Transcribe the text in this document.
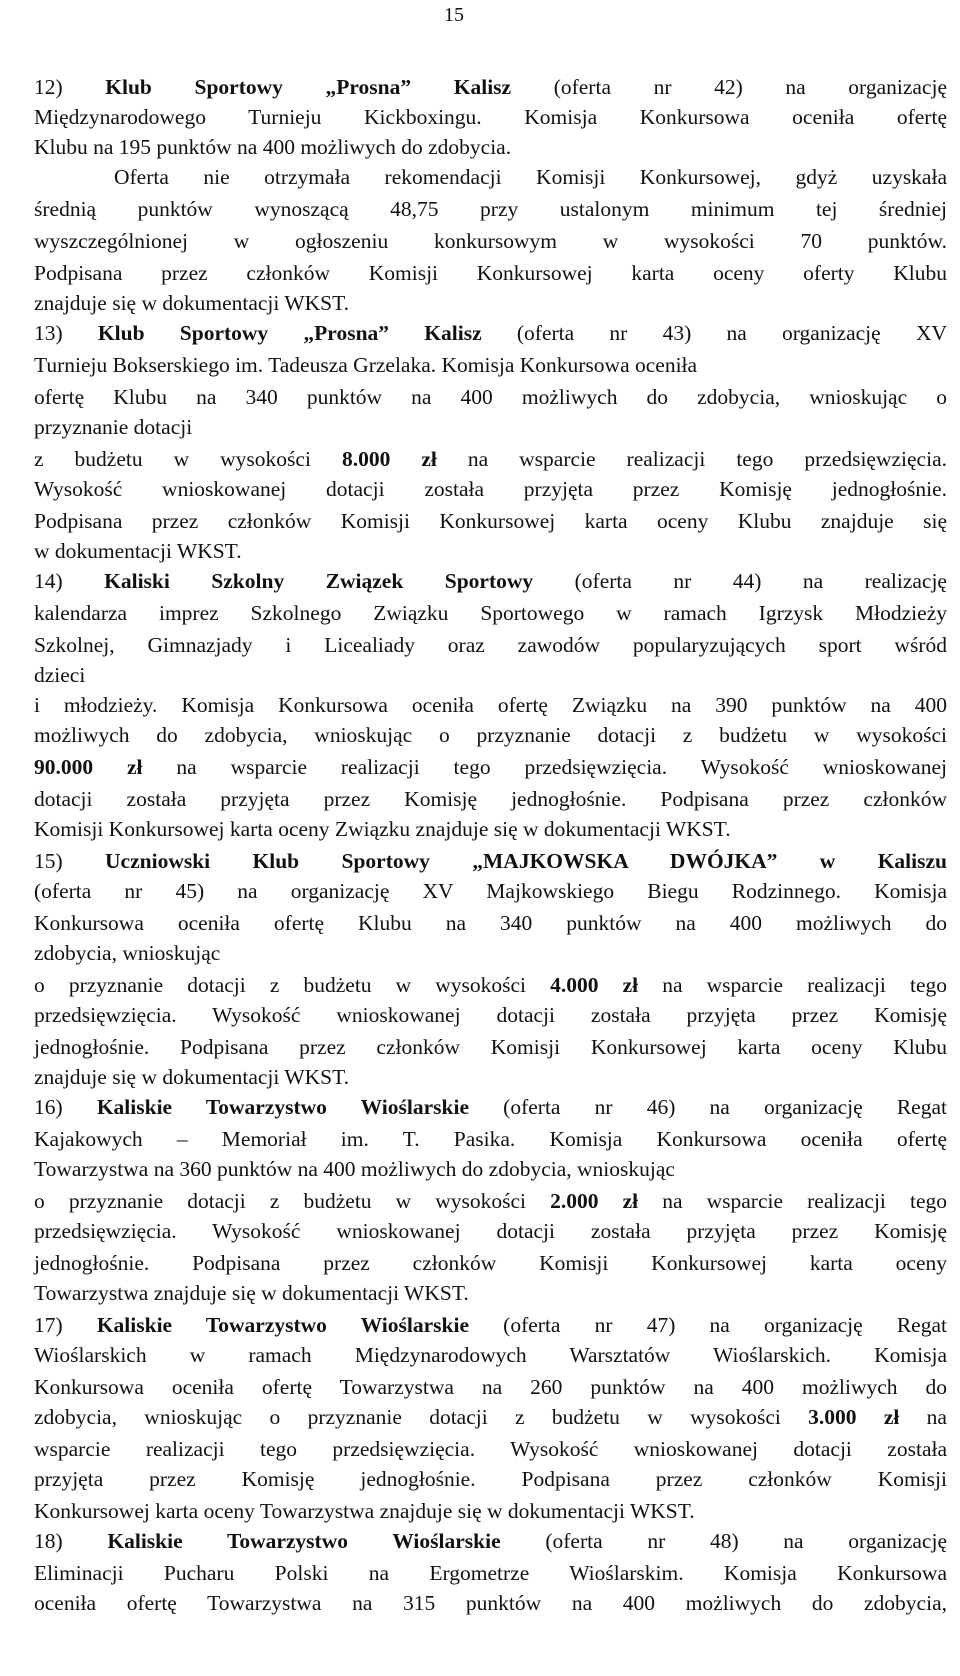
15
12) Klub Sportowy „Prosna” Kalisz (oferta nr 42) na organizację
Międzynarodowego Turnieju Kickboxingu. Komisja Konkursowa oceniła ofertę
Klubu na 195 punktów na 400 możliwych do zdobycia.
Oferta nie otrzymała rekomendacji Komisji Konkursowej, gdyż uzyskała
średnią punktów wynoszącą 48,75 przy ustalonym minimum tej średniej
wyszczególnionej w ogłoszeniu konkursowym w wysokości 70 punktów.
Podpisana przez członków Komisji Konkursowej karta oceny oferty Klubu
znajduje się w dokumentacji WKST.
13) Klub Sportowy „Prosna” Kalisz (oferta nr 43) na organizację XV
Turnieju Bokserskiego im. Tadeusza Grzelaka. Komisja Konkursowa oceniła
ofertę Klubu na 340 punktów na 400 możliwych do zdobycia, wnioskując o
przyznanie dotacji
z budżetu w wysokości 8.000 zł na wsparcie realizacji tego przedsięwzięcia.
Wysokość wnioskowanej dotacji została przyjęta przez Komisję jednogłośnie.
Podpisana przez członków Komisji Konkursowej karta oceny Klubu znajduje się
w dokumentacji WKST.
14) Kaliski Szkolny Związek Sportowy (oferta nr 44) na realizację
kalendarza imprez Szkolnego Związku Sportowego w ramach Igrzysk Młodzieży
Szkolnej, Gimnazjady i Licealiady oraz zawodów popularyzujących sport wśród
dzieci
i młodzieży. Komisja Konkursowa oceniła ofertę Związku na 390 punktów na 400
możliwych do zdobycia, wnioskując o przyznanie dotacji z budżetu w wysokości
90.000 zł na wsparcie realizacji tego przedsięwzięcia. Wysokość wnioskowanej
dotacji została przyjęta przez Komisję jednogłośnie. Podpisana przez członków
Komisji Konkursowej karta oceny Związku znajduje się w dokumentacji WKST.
15) Uczniowski Klub Sportowy „MAJKOWSKA DWÓJKA” w Kaliszu
(oferta nr 45) na organizację XV Majkowskiego Biegu Rodzinnego. Komisja
Konkursowa oceniła ofertę Klubu na 340 punktów na 400 możliwych do
zdobycia, wnioskując
o przyznanie dotacji z budżetu w wysokości 4.000 zł na wsparcie realizacji tego
przedsięwzięcia. Wysokość wnioskowanej dotacji została przyjęta przez Komisję
jednogłośnie. Podpisana przez członków Komisji Konkursowej karta oceny Klubu
znajduje się w dokumentacji WKST.
16) Kaliskie Towarzystwo Wioślarskie (oferta nr 46) na organizację Regat
Kajakowych – Memoriał im. T. Pasika. Komisja Konkursowa oceniła ofertę
Towarzystwa na 360 punktów na 400 możliwych do zdobycia, wnioskując
o przyznanie dotacji z budżetu w wysokości 2.000 zł na wsparcie realizacji tego
przedsięwzięcia. Wysokość wnioskowanej dotacji została przyjęta przez Komisję
jednogłośnie. Podpisana przez członków Komisji Konkursowej karta oceny
Towarzystwa znajduje się w dokumentacji WKST.
17) Kaliskie Towarzystwo Wioślarskie (oferta nr 47) na organizację Regat
Wioślarskich w ramach Międzynarodowych Warsztatów Wioślarskich. Komisja
Konkursowa oceniła ofertę Towarzystwa na 260 punktów na 400 możliwych do
zdobycia, wnioskując o przyznanie dotacji z budżetu w wysokości 3.000 zł na
wsparcie realizacji tego przedsięwzięcia. Wysokość wnioskowanej dotacji została
przyjęta przez Komisję jednogłośnie. Podpisana przez członków Komisji
Konkursowej karta oceny Towarzystwa znajduje się w dokumentacji WKST.
18) Kaliskie Towarzystwo Wioślarskie (oferta nr 48) na organizację
Eliminacji Pucharu Polski na Ergometrze Wioślarskim. Komisja Konkursowa
oceniła ofertę Towarzystwa na 315 punktów na 400 możliwych do zdobycia,
